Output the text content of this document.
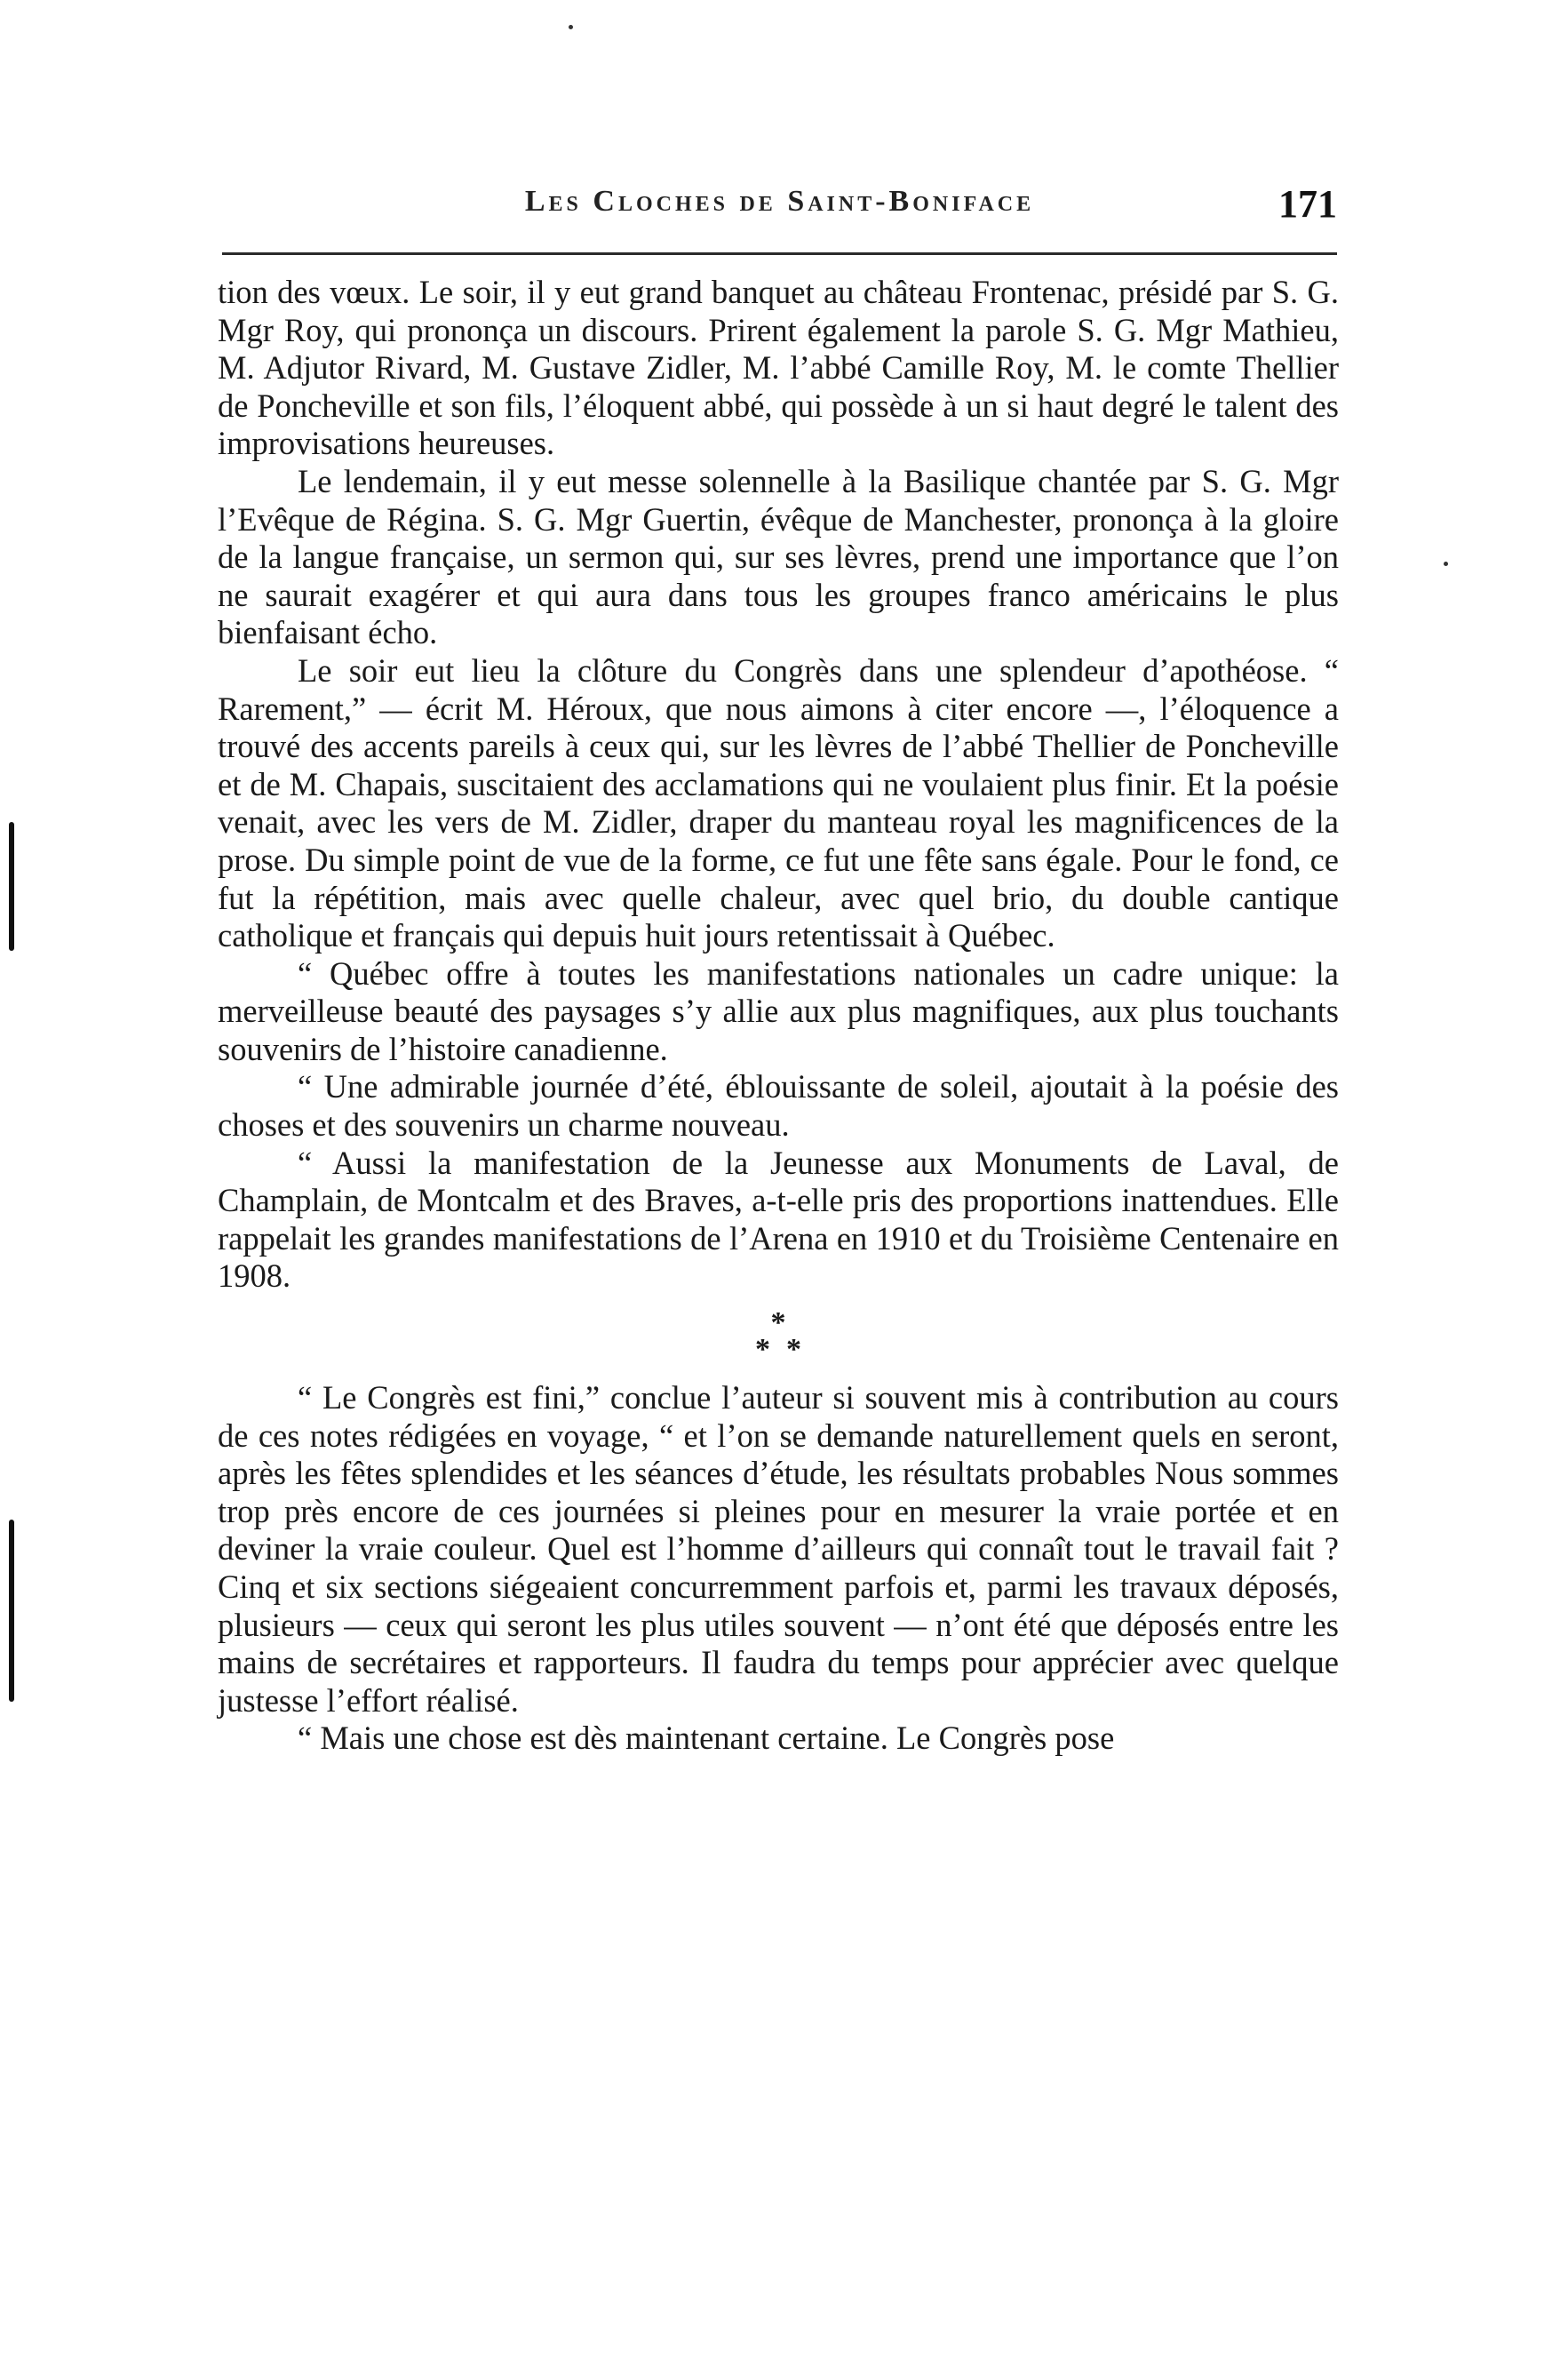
Les Cloches de Saint-Boniface	171

tion des vœux. Le soir, il y eut grand banquet au château Frontenac, présidé par S. G. Mgr Roy, qui prononça un discours. Prirent également la parole S. G. Mgr Mathieu, M. Adjutor Rivard, M. Gustave Zidler, M. l’abbé Camille Roy, M. le comte Thellier de Poncheville et son fils, l’éloquent abbé, qui possède à un si haut degré le talent des improvisations heureuses.

Le lendemain, il y eut messe solennelle à la Basilique chantée par S. G. Mgr l’Evêque de Régina. S. G. Mgr Guertin, évêque de Manchester, prononça à la gloire de la langue française, un sermon qui, sur ses lèvres, prend une importance que l’on ne saurait exagérer et qui aura dans tous les groupes franco américains le plus bienfaisant écho.

Le soir eut lieu la clôture du Congrès dans une splendeur d’apothéose. “ Rarement,” — écrit M. Héroux, que nous aimons à citer encore —, l’éloquence a trouvé des accents pareils à ceux qui, sur les lèvres de l’abbé Thellier de Poncheville et de M. Chapais, suscitaient des acclamations qui ne voulaient plus finir. Et la poésie venait, avec les vers de M. Zidler, draper du manteau royal les magnificences de la prose. Du simple point de vue de la forme, ce fut une fête sans égale. Pour le fond, ce fut la répétition, mais avec quelle chaleur, avec quel brio, du double cantique catholique et français qui depuis huit jours retentissait à Québec.

“ Québec offre à toutes les manifestations nationales un cadre unique: la merveilleuse beauté des paysages s’y allie aux plus magnifiques, aux plus touchants souvenirs de l’histoire canadienne.

“ Une admirable journée d’été, éblouissante de soleil, ajoutait à la poésie des choses et des souvenirs un charme nouveau.

“ Aussi la manifestation de la Jeunesse aux Monuments de Laval, de Champlain, de Montcalm et des Braves, a-t-elle pris des proportions inattendues. Elle rappelait les grandes manifestations de l’Arena en 1910 et du Troisième Centenaire en 1908.

*
**

“ Le Congrès est fini,” conclue l’auteur si souvent mis à contribution au cours de ces notes rédigées en voyage, “ et l’on se demande naturellement quels en seront, après les fêtes splendides et les séances d’étude, les résultats probables Nous sommes trop près encore de ces journées si pleines pour en mesurer la vraie portée et en deviner la vraie couleur. Quel est l’homme d’ailleurs qui connaît tout le travail fait ? Cinq et six sections siégeaient concurremment parfois et, parmi les travaux déposés, plusieurs — ceux qui seront les plus utiles souvent — n’ont été que déposés entre les mains de secrétaires et rapporteurs. Il faudra du temps pour apprécier avec quelque justesse l’effort réalisé.

“ Mais une chose est dès maintenant certaine. Le Congrès pose
